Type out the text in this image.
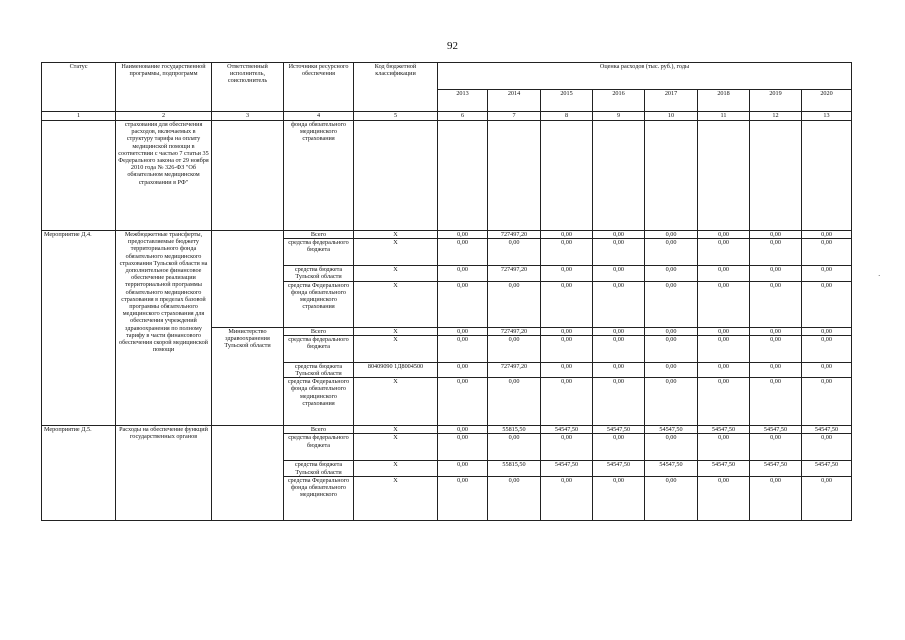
92
Статус	Наименование государственной программы, подпрограмм	Ответственный исполнитель, соисполнитель	Источники ресурсного обеспечения	Код бюджетной классификации	Оценка расходов (тыс. руб.), годы							
					2013	2014	2015	2016	2017	2018	2019	2020
1	2	3	4	5	6	7	8	9	10	11	12	13
	страхования для обеспечения расходов, включаемых в структуру тарифа на оплату медицинской помощи в соответствии с частью 7 статьи 35 Федерального закона от 29 ноября 2010 года № 326-ФЗ "Об обязательном медицинском страховании в РФ"		фонда обязательного медицинского страхования									
Мероприятие Д.4.	Межбюджетные трансферты, предоставляемые бюджету территориального фонда обязательного медицинского страхования Тульской области на дополнительное финансовое обеспечение реализации территориальной программы обязательного медицинского страхования в пределах базовой программы обязательного медицинского страхования для обеспечения учреждений здравоохранения по полному тарифу в части финансового обеспечения скорой медицинской помощи		Всего	X	0,00	727497,20	0,00	0,00	0,00	0,00	0,00	0,00
			средства федерального бюджета	X	0,00	0,00	0,00	0,00	0,00	0,00	0,00	0,00
			средства бюджета Тульской области	X	0,00	727497,20	0,00	0,00	0,00	0,00	0,00	0,00
			средства Федерального фонда обязательного медицинского страхования	X	0,00	0,00	0,00	0,00	0,00	0,00	0,00	0,00
		Министерство здравоохранения Тульской области	Всего	X	0,00	727497,20	0,00	0,00	0,00	0,00	0,00	0,00
			средства федерального бюджета	X	0,00	0,00	0,00	0,00	0,00	0,00	0,00	0,00
			средства бюджета Тульской области	80409090 1Д8004500	0,00	727497,20	0,00	0,00	0,00	0,00	0,00	0,00
			средства Федерального фонда обязательного медицинского страхования	X	0,00	0,00	0,00	0,00	0,00	0,00	0,00	0,00
Мероприятие Д.5.	Расходы на обеспечение функций государственных органов		Всего	X	0,00	55815,50	54547,50	54547,50	54547,50	54547,50	54547,50	54547,50
			средства федерального бюджета	X	0,00	0,00	0,00	0,00	0,00	0,00	0,00	0,00
			средства бюджета Тульской области	X	0,00	55815,50	54547,50	54547,50	54547,50	54547,50	54547,50	54547,50
			средства Федерального фонда обязательного медицинского	X	0,00	0,00	0,00	0,00	0,00	0,00	0,00	0,00
·
